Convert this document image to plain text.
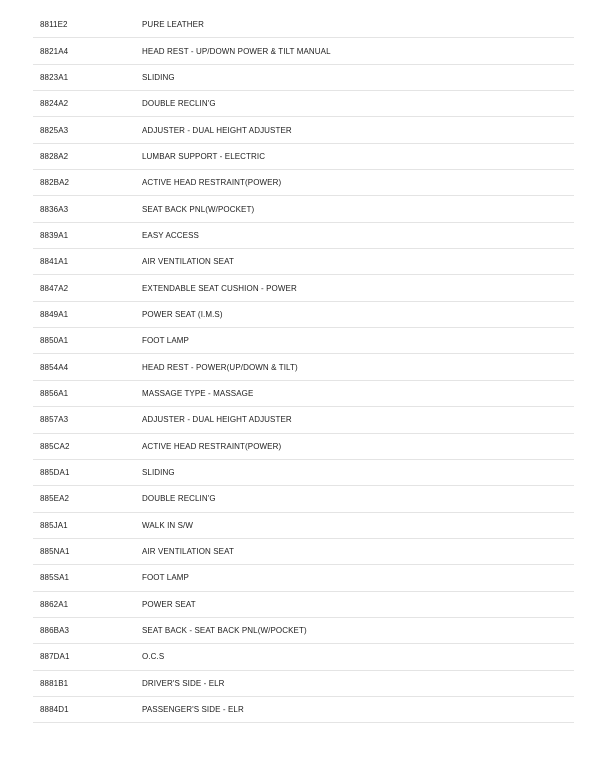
8811E2	PURE LEATHER
8821A4	HEAD REST - UP/DOWN POWER & TILT MANUAL
8823A1	SLIDING
8824A2	DOUBLE RECLIN'G
8825A3	ADJUSTER - DUAL HEIGHT ADJUSTER
8828A2	LUMBAR SUPPORT - ELECTRIC
882BA2	ACTIVE HEAD RESTRAINT(POWER)
8836A3	SEAT BACK PNL(W/POCKET)
8839A1	EASY ACCESS
8841A1	AIR VENTILATION SEAT
8847A2	EXTENDABLE SEAT CUSHION - POWER
8849A1	POWER SEAT (I.M.S)
8850A1	FOOT LAMP
8854A4	HEAD REST - POWER(UP/DOWN & TILT)
8856A1	MASSAGE TYPE - MASSAGE
8857A3	ADJUSTER - DUAL HEIGHT ADJUSTER
885CA2	ACTIVE HEAD RESTRAINT(POWER)
885DA1	SLIDING
885EA2	DOUBLE RECLIN'G
885JA1	WALK IN S/W
885NA1	AIR VENTILATION SEAT
885SA1	FOOT LAMP
8862A1	POWER SEAT
886BA3	SEAT BACK - SEAT BACK PNL(W/POCKET)
887DA1	O.C.S
8881B1	DRIVER'S SIDE - ELR
8884D1	PASSENGER'S SIDE - ELR
